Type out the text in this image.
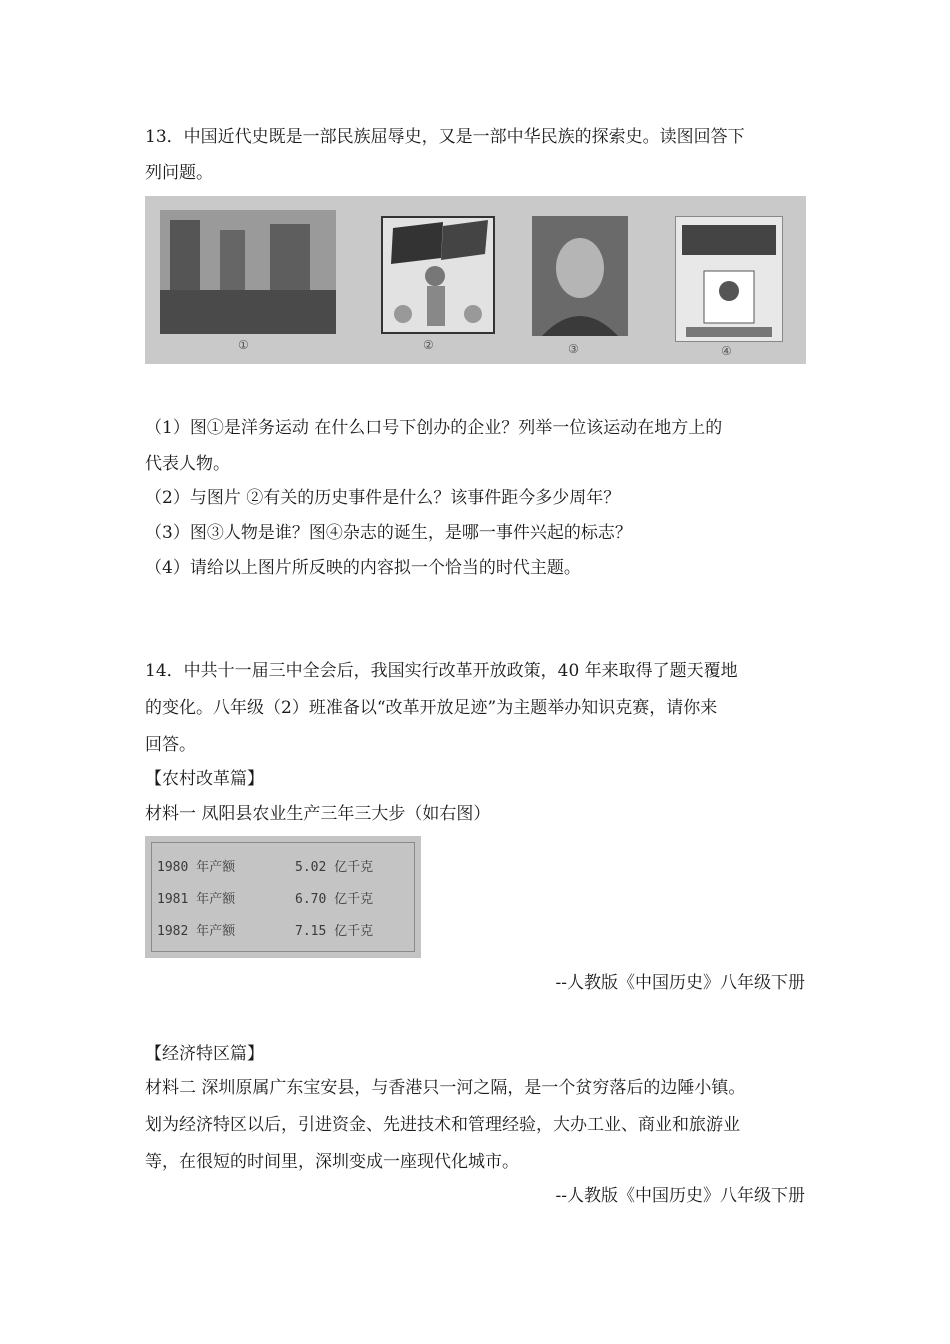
13．中国近代史既是一部民族屈辱史，又是一部中华民族的探索史。读图回答下
列问题。
①	②	③	④
（1）图①是洋务运动 在什么口号下创办的企业？列举一位该运动在地方上的
代表人物。
（2）与图片 ②有关的历史事件是什么？该事件距今多少周年？
（3）图③人物是谁？图④杂志的诞生，是哪一事件兴起的标志？
（4）请给以上图片所反映的内容拟一个恰当的时代主题。
14．中共十一届三中全会后，我国实行改革开放政策，40 年来取得了题天覆地
的变化。八年级（2）班准备以“改革开放足迹”为主题举办知识克赛，请你来
回答。
【农村改革篇】
材料一 凤阳县农业生产三年三大步（如右图）
1980 年产额	5.02 亿千克
1981 年产额	6.70 亿千克
1982 年产额	7.15 亿千克
--人教版《中国历史》八年级下册
【经济特区篇】
材料二 深圳原属广东宝安县，与香港只一河之隔，是一个贫穷落后的边陲小镇。
划为经济特区以后，引进资金、先进技术和管理经验，大办工业、商业和旅游业
等，在很短的时间里，深圳变成一座现代化城市。
--人教版《中国历史》八年级下册
